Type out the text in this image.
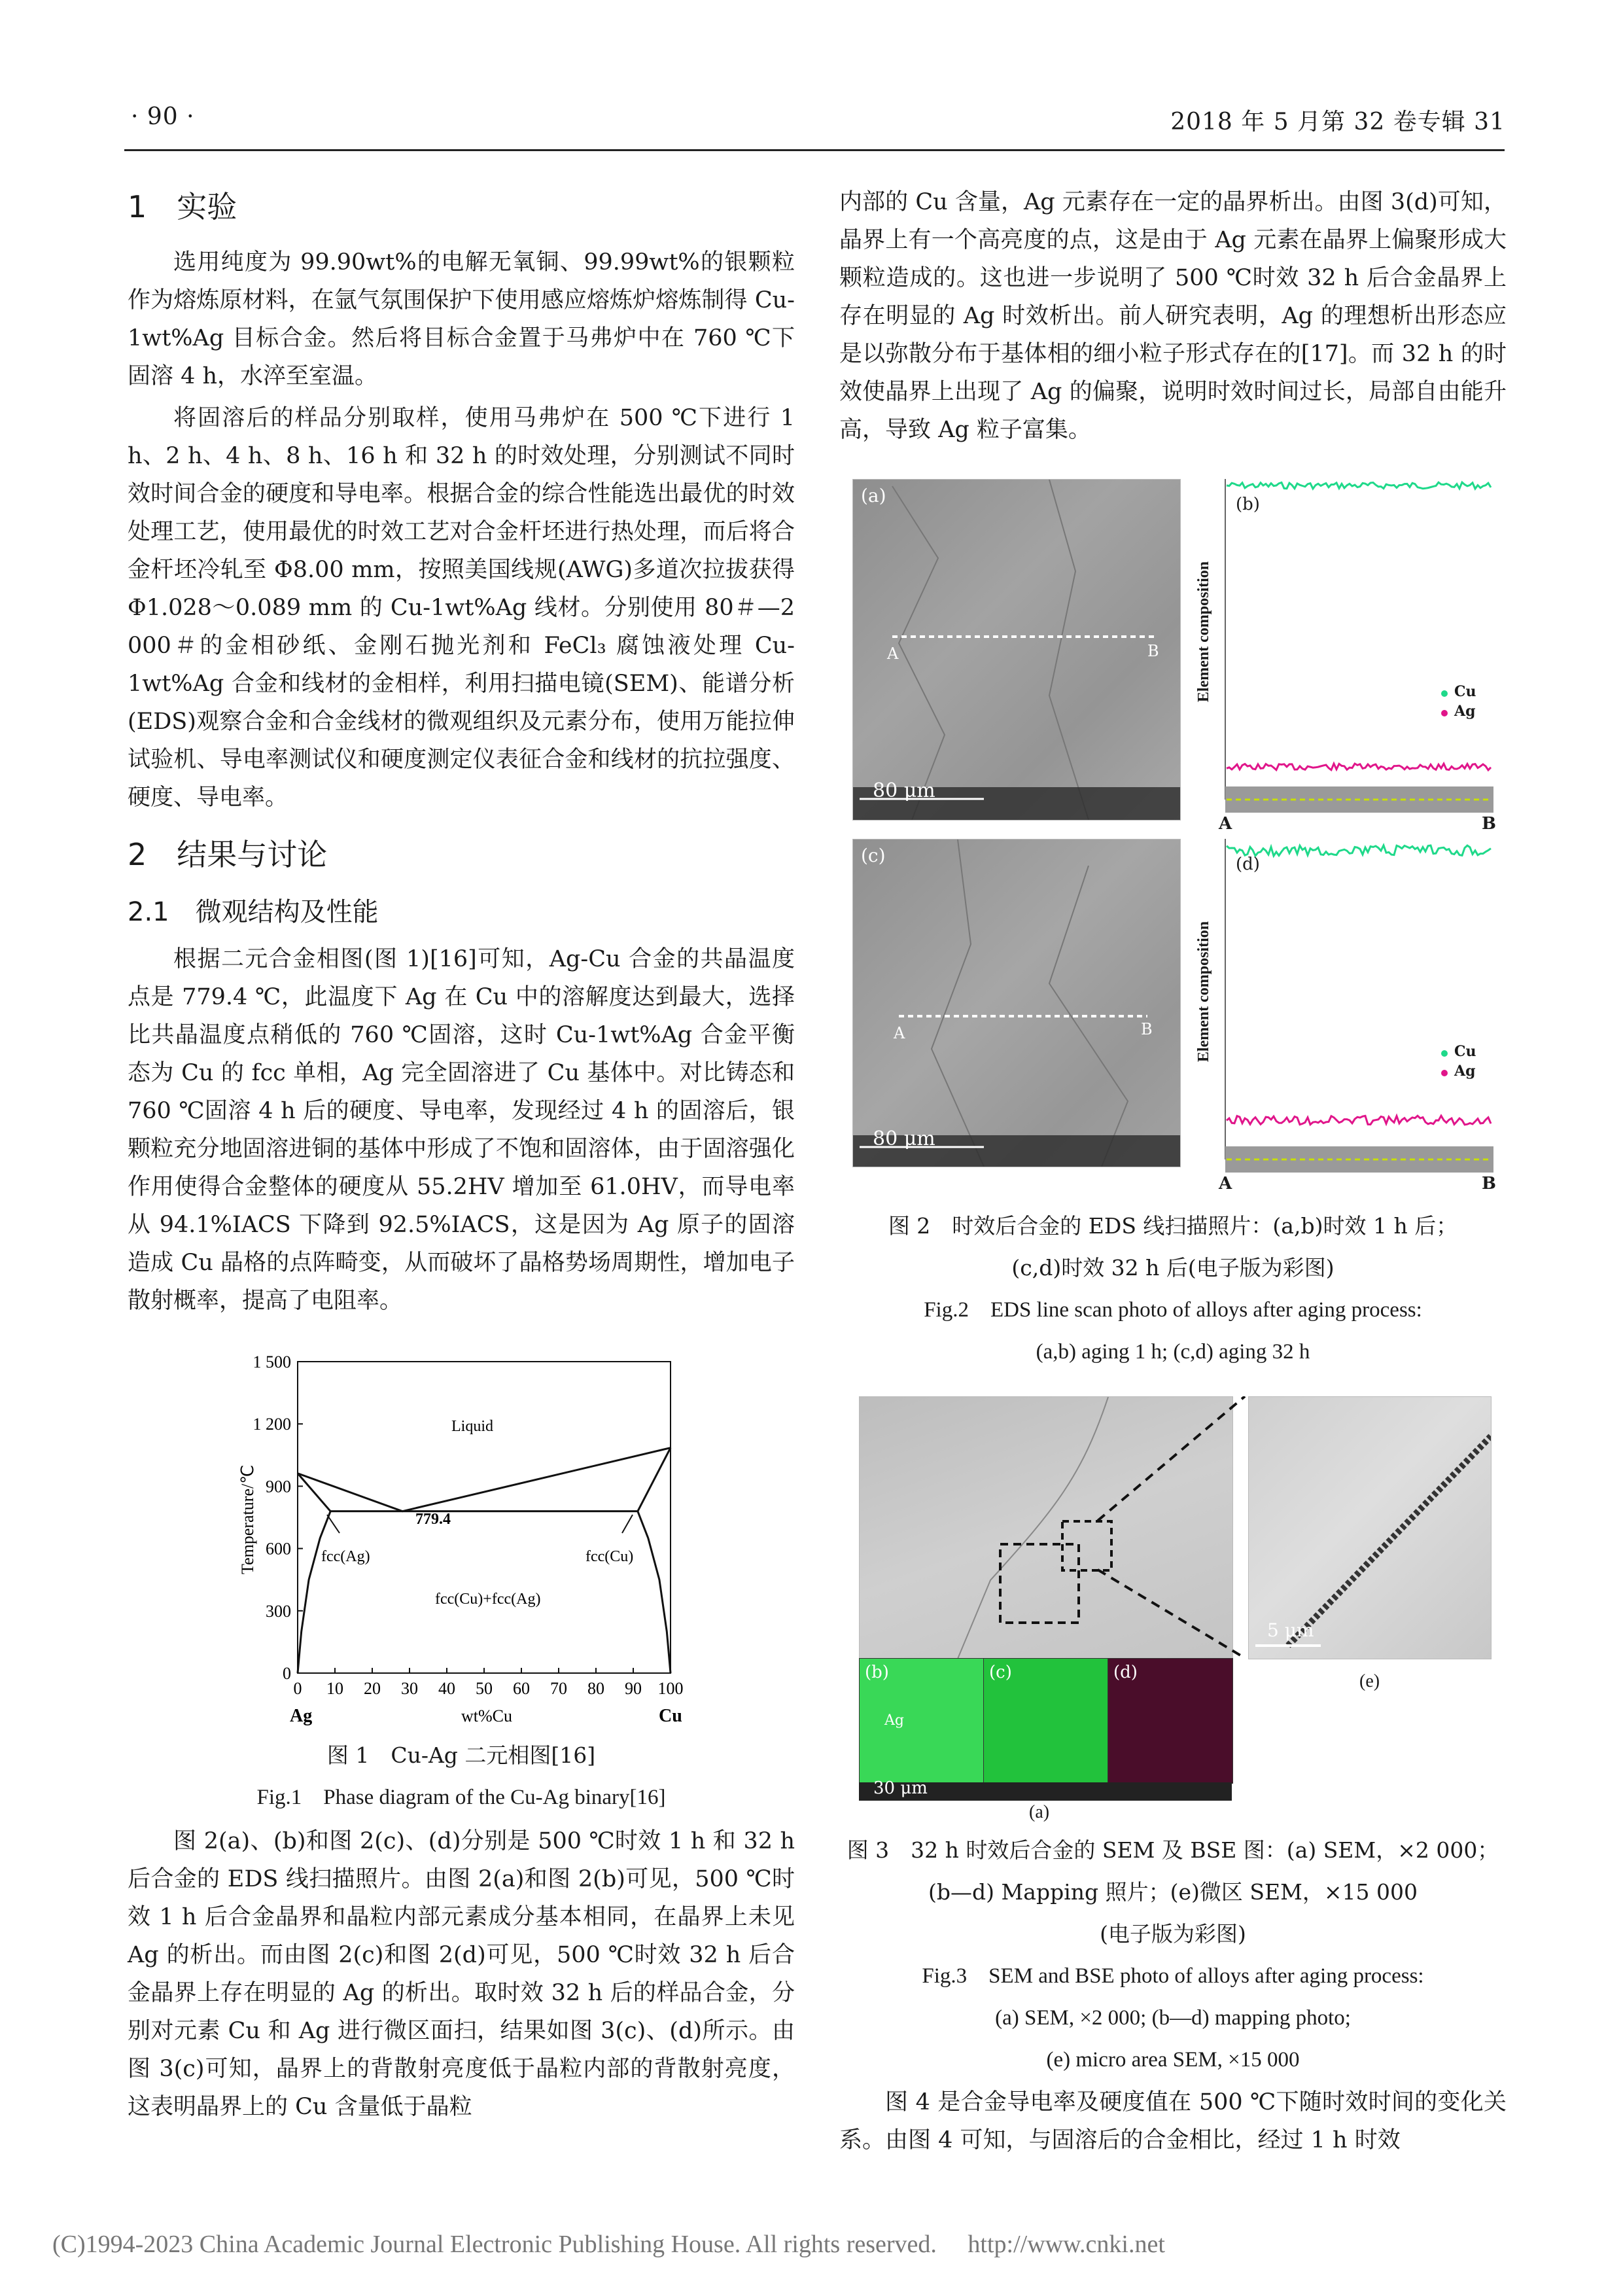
· 90 ·	2018 年 5 月第 32 卷专辑 31
1　实验

选用纯度为 99.90wt%的电解无氧铜、99.99wt%的银颗粒作为熔炼原材料，在氩气氛围保护下使用感应熔炼炉熔炼制得 Cu-1wt%Ag 目标合金。然后将目标合金置于马弗炉中在 760 ℃下固溶 4 h，水淬至室温。

将固溶后的样品分别取样，使用马弗炉在 500 ℃下进行 1 h、2 h、4 h、8 h、16 h 和 32 h 的时效处理，分别测试不同时效时间合金的硬度和导电率。根据合金的综合性能选出最优的时效处理工艺，使用最优的时效工艺对合金杆坯进行热处理，而后将合金杆坯冷轧至 Φ8.00 mm，按照美国线规(AWG)多道次拉拔获得 Φ1.028～0.089 mm 的 Cu-1wt%Ag 线材。分别使用 80＃—2 000＃的金相砂纸、金刚石抛光剂和 FeCl₃ 腐蚀液处理 Cu-1wt%Ag 合金和线材的金相样，利用扫描电镜(SEM)、能谱分析(EDS)观察合金和合金线材的微观组织及元素分布，使用万能拉伸试验机、导电率测试仪和硬度测定仪表征合金和线材的抗拉强度、硬度、导电率。

2　结果与讨论
2.1　微观结构及性能

根据二元合金相图(图 1)[16]可知，Ag-Cu 合金的共晶温度点是 779.4 ℃，此温度下 Ag 在 Cu 中的溶解度达到最大，选择比共晶温度点稍低的 760 ℃固溶，这时 Cu-1wt%Ag 合金平衡态为 Cu 的 fcc 单相，Ag 完全固溶进了 Cu 基体中。对比铸态和 760 ℃固溶 4 h 后的硬度、导电率，发现经过 4 h 的固溶后，银颗粒充分地固溶进铜的基体中形成了不饱和固溶体，由于固溶强化作用使得合金整体的硬度从 55.2HV 增加至 61.0HV，而导电率从 94.1%IACS 下降到 92.5%IACS，这是因为 Ag 原子的固溶造成 Cu 晶格的点阵畸变，从而破坏了晶格势场周期性，增加电子散射概率，提高了电阻率。

0 10 20 30 40 50 60 70 80 90 100
0
300
600
900
1 200
1 500
Liquid
779.4
fcc(Ag)	fcc(Cu)
fcc(Cu)+fcc(Ag)
Temperature/℃
wt%Cu
Ag	Cu
图 1　Cu-Ag 二元相图[16]
Fig.1　Phase diagram of the Cu-Ag binary[16]

图 2(a)、(b)和图 2(c)、(d)分别是 500 ℃时效 1 h 和 32 h 后合金的 EDS 线扫描照片。由图 2(a)和图 2(b)可见，500 ℃时效 1 h 后合金晶界和晶粒内部元素成分基本相同，在晶界上未见 Ag 的析出。而由图 2(c)和图 2(d)可见，500 ℃时效 32 h 后合金晶界上存在明显的 Ag 的析出。取时效 32 h 后的样品合金，分别对元素 Cu 和 Ag 进行微区面扫，结果如图 3(c)、(d)所示。由图 3(c)可知，晶界上的背散射亮度低于晶粒内部的背散射亮度，这表明晶界上的 Cu 含量低于晶粒

内部的 Cu 含量，Ag 元素存在一定的晶界析出。由图 3(d)可知，晶界上有一个高亮度的点，这是由于 Ag 元素在晶界上偏聚形成大颗粒造成的。这也进一步说明了 500 ℃时效 32 h 后合金晶界上存在明显的 Ag 时效析出。前人研究表明，Ag 的理想析出形态应是以弥散分布于基体相的细小粒子形式存在的[17]。而 32 h 的时效使晶界上出现了 Ag 的偏聚，说明时效时间过长，局部自由能升高，导致 Ag 粒子富集。

(a)
A	B
80 μm
(b)
Element composition	Cu
Ag
A	B
(c)
A	B
80 μm
(d)
Element composition	Cu
Ag
A	B
图 2　时效后合金的 EDS 线扫描照片：(a,b)时效 1 h 后；
(c,d)时效 32 h 后(电子版为彩图)
Fig.2　EDS line scan photo of alloys after aging process:
(a,b) aging 1 h; (c,d) aging 32 h
5 μm
(e)
(b)
Ag
(c)	(d)
30 μm
(a)
图 3　32 h 时效后合金的 SEM 及 BSE 图：(a) SEM，×2 000；
(b—d) Mapping 照片；(e)微区 SEM，×15 000
(电子版为彩图)
Fig.3　SEM and BSE photo of alloys after aging process:
(a) SEM, ×2 000; (b—d) mapping photo;
(e) micro area SEM, ×15 000

图 4 是合金导电率及硬度值在 500 ℃下随时效时间的变化关系。由图 4 可知，与固溶后的合金相比，经过 1 h 时效

(C)1994-2023 China Academic Journal Electronic Publishing House. All rights reserved.　 http://www.cnki.net
